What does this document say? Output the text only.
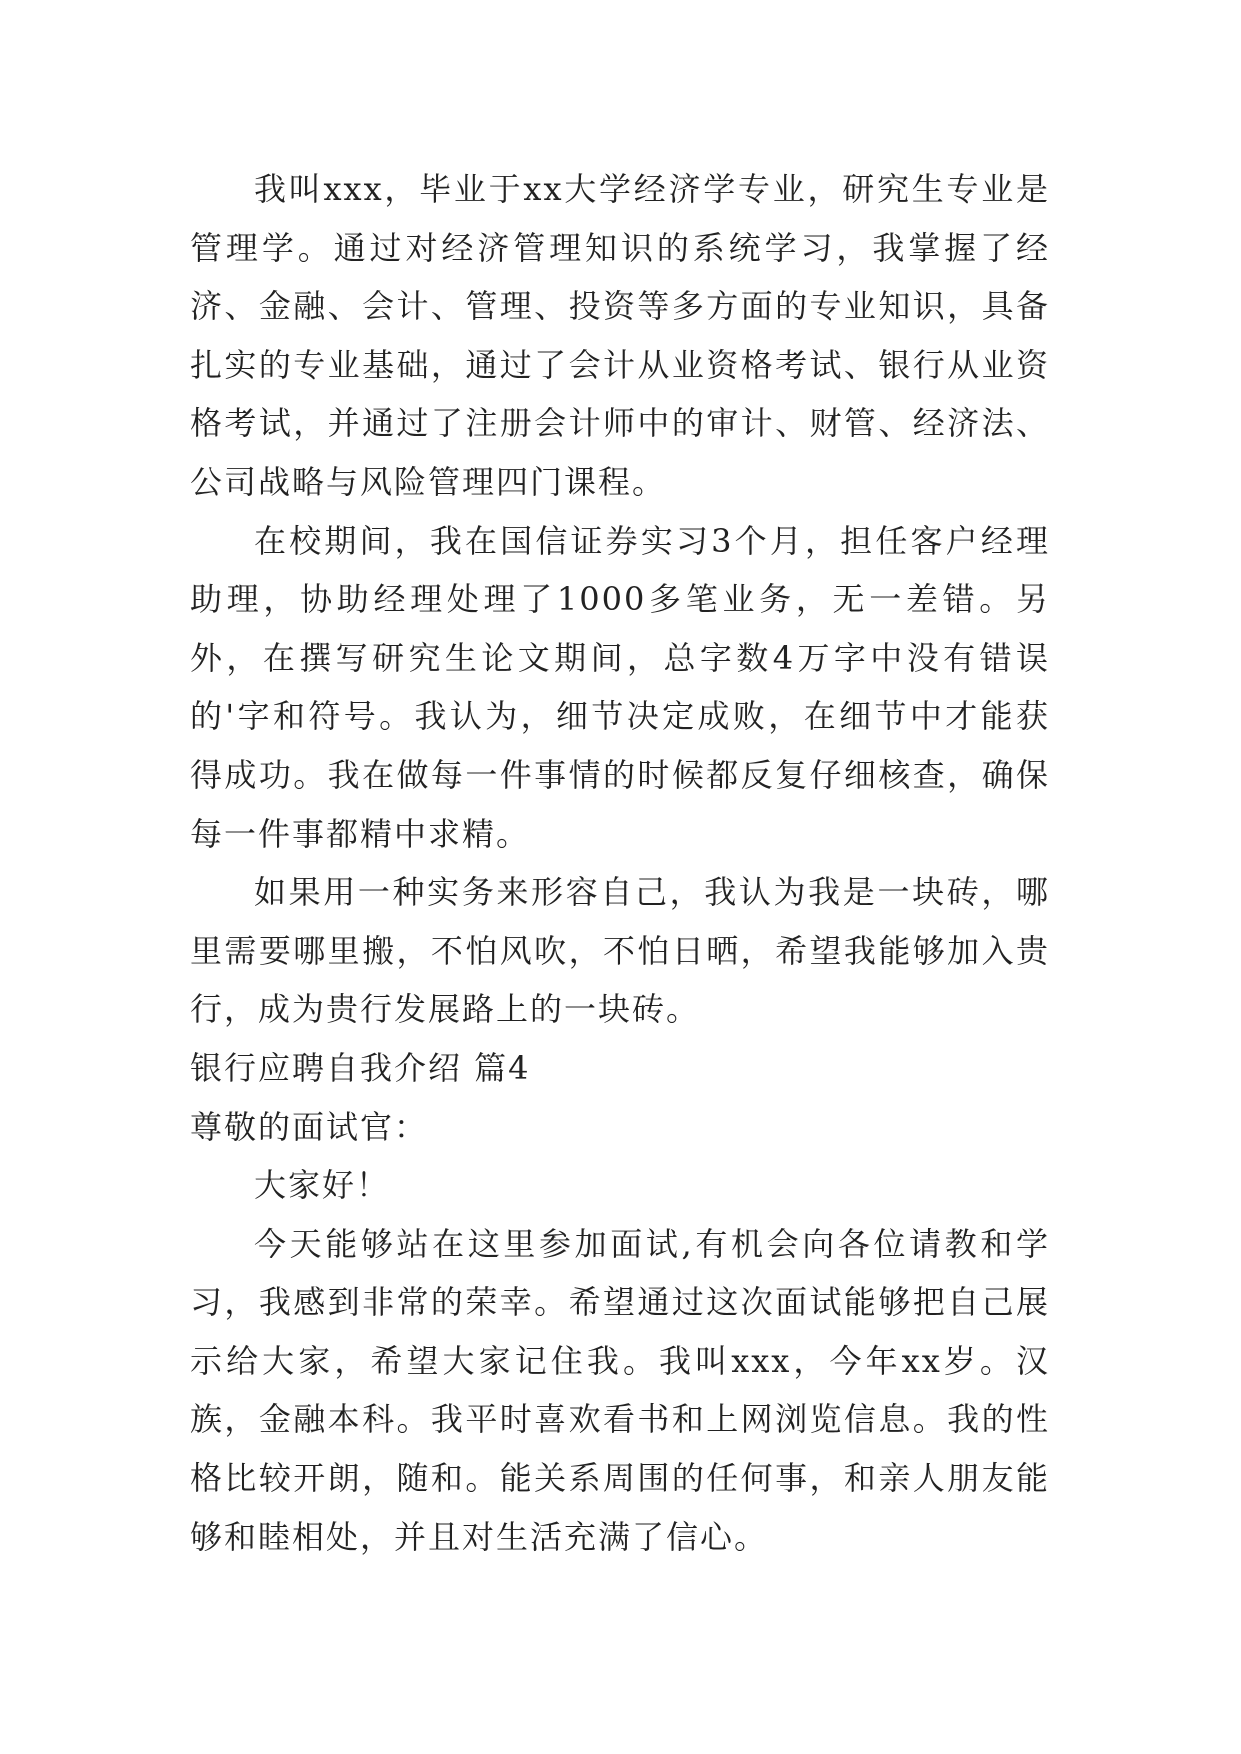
我叫xxx，毕业于xx大学经济学专业，研究生专业是管理学。通过对经济管理知识的系统学习，我掌握了经济、金融、会计、管理、投资等多方面的专业知识，具备扎实的专业基础，通过了会计从业资格考试、银行从业资格考试，并通过了注册会计师中的审计、财管、经济法、公司战略与风险管理四门课程。

在校期间，我在国信证券实习3个月，担任客户经理助理，协助经理处理了1000多笔业务，无一差错。另外，在撰写研究生论文期间，总字数4万字中没有错误的'字和符号。我认为，细节决定成败，在细节中才能获得成功。我在做每一件事情的时候都反复仔细核查，确保每一件事都精中求精。

如果用一种实务来形容自己，我认为我是一块砖，哪里需要哪里搬，不怕风吹，不怕日晒，希望我能够加入贵行，成为贵行发展路上的一块砖。

银行应聘自我介绍 篇4

尊敬的面试官：

大家好！

今天能够站在这里参加面试,有机会向各位请教和学习，我感到非常的荣幸。希望通过这次面试能够把自己展示给大家，希望大家记住我。我叫xxx，今年xx岁。汉族，金融本科。我平时喜欢看书和上网浏览信息。我的性格比较开朗，随和。能关系周围的任何事，和亲人朋友能够和睦相处，并且对生活充满了信心。
